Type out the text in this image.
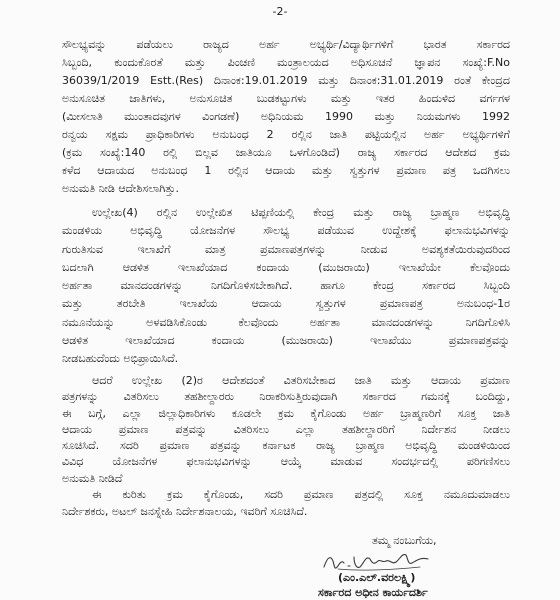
-2-
ಸೌಲಭ್ಯವನ್ನು ಪಡೆಯಲು ರಾಜ್ಯದ ಅರ್ಹ ಅಭ್ಯರ್ಥಿ/ವಿದ್ಯಾರ್ಥಿಗಳಿಗೆ ಭಾರತ ಸರ್ಕಾರದ
ಸಿಬ್ಬಂದಿ, ಕುಂದುಕೊರತೆ ಮತ್ತು ಪಿಂಚಣಿ ಮಂತ್ರಾಲಯದ ಅಧಿಸೂಚನೆ ಜ್ಞಾಪನ ಸಂಖ್ಯೆ:F.No
36039/1/2019 Estt.(Res) ದಿನಾಂಕ:19.01.2019 ಮತ್ತು ದಿನಾಂಕ:31.01.2019 ರಂತೆ ಕೇಂದ್ರದ
ಅನುಸೂಚಿತ ಜಾತಿಗಳು, ಅನುಸೂಚಿತ ಬುಡಕಟ್ಟುಗಳು ಮತ್ತು ಇತರ ಹಿಂದುಳಿದ ವರ್ಗಗಳ
(ಮೀಸಲಾತಿ ಮುಂತಾದವುಗಳ ವಿಂಗಡಣೆ) ಅಧಿನಿಯಮ 1990 ಮತ್ತು ನಿಯಮಗಳು 1992
ರನ್ವಯ ಸಕ್ಷಮ ಪ್ರಾಧಿಕಾರಿಗಳು ಅನುಬಂಧ 2 ರಲ್ಲಿನ ಜಾತಿ ಪಟ್ಟಿಯಲ್ಲಿನ ಅರ್ಹ ಅಭ್ಯರ್ಥಿಗಳಿಗೆ
(ಕ್ರಮ ಸಂಖ್ಯೆ:140 ರಲ್ಲಿ ಬಿಲ್ಲವ ಜಾತಿಯೂ ಒಳಗೊಂಡಿದೆ) ರಾಜ್ಯ ಸರ್ಕಾರದ ಆದೇಶದ ಕ್ರಮ
ಕಳೆದ ಆದಾಯದ ಅನುಬಂಧ 1 ರಲ್ಲಿನ ಆದಾಯ ಮತ್ತು ಸ್ವತ್ತುಗಳ ಪ್ರಮಾಣ ಪತ್ರ ಒದಗಿಸಲು
ಅನುಮತಿ ನೀಡಿ ಆದೇಶಿಸಲಾಗಿತ್ತು.
ಉಲ್ಲೇಖ(4) ರಲ್ಲಿನ ಉಲ್ಲೇಖಿತ ಟಿಪ್ಪಣಿಯಲ್ಲಿ ಕೇಂದ್ರ ಮತ್ತು ರಾಜ್ಯ ಬ್ರಾಹ್ಮಣ ಅಭಿವೃದ್ಧಿ
ಮಂಡಳಿಯ ಅಭಿವೃದ್ಧಿ ಯೋಜನೆಗಳ ಸೌಲಭ್ಯ ಪಡೆಯುವ ಉದ್ದೇಶಕ್ಕೆ ಫಲಾನುಭವಿಗಳನ್ನು
ಗುರುತಿಸುವ ಇಲಾಖೆಗೆ ಮಾತ್ರ ಪ್ರಮಾಣಪತ್ರಗಳನ್ನು ನೀಡುವ ಅವಶ್ಯಕತೆಯಿರುವುದರಿಂದ
ಬದಲಾಗಿ ಆಡಳಿತ ಇಲಾಖೆಯಾದ ಕಂದಾಯ (ಮುಜರಾಯಿ) ಇಲಾಖೆಯೇ ಕೆಲವೊಂದು
ಅರ್ಹತಾ ಮಾನದಂಡಗಳನ್ನು ನಿಗದಿಗೊಳಿಸಬೇಕಾಗಿದೆ. ಹಾಗೂ ಕೇಂದ್ರ ಸರ್ಕಾರದ ಸಿಬ್ಬಂದಿ
ಮತ್ತು ತರಬೇತಿ ಇಲಾಖೆಯ ಆದಾಯ ಸ್ವತ್ತುಗಳ ಪ್ರಮಾಣಪತ್ರ ಅನುಬಂಧ-1ರ
ನಮೂನೆಯನ್ನು ಅಳವಡಿಸಿಕೊಂಡು ಕೆಲವೊಂದು ಅರ್ಹತಾ ಮಾನದಂಡಗಳನ್ನು ನಿಗದಿಗೊಳಿಸಿ
ಆಡಳಿತ ಇಲಾಖೆಯಾದ ಕಂದಾಯ (ಮುಜರಾಯಿ) ಇಲಾಖೆಯು ಪ್ರಮಾಣಪತ್ರವನ್ನು
ನೀಡಬಹುದೆಂದು ಅಭಿಪ್ರಾಯಿಸಿದೆ.
ಆದರೆ ಉಲ್ಲೇಖ (2)ರ ಆದೇಶದಂತೆ ವಿತರಿಸಬೇಕಾದ ಜಾತಿ ಮತ್ತು ಆದಾಯ ಪ್ರಮಾಣ
ಪತ್ರಗಳನ್ನು ವಿತರಿಸಲು ತಹಶೀಲ್ದಾರರು ನಿರಾಕರಿಸುತ್ತಿರುವುದಾಗಿ ಸರ್ಕಾರದ ಗಮನಕ್ಕೆ ಬಂದಿದ್ದು,
ಈ ಬಗ್ಗೆ, ಎಲ್ಲಾ ಜಿಲ್ಲಾಧಿಕಾರಿಗಳು ಕೂಡಲೇ ಕ್ರಮ ಕೈಗೊಂಡು ಅರ್ಹ ಬ್ರಾಹ್ಮಣರಿಗೆ ಸೂಕ್ತ ಜಾತಿ
ಆದಾಯ ಪ್ರಮಾಣ ಪತ್ರವನ್ನು ವಿತರಿಸಲು ಎಲ್ಲಾ ತಹಶೀಲ್ದಾರರಿಗೆ ನಿರ್ದೇಶನ ನೀಡಲು
ಸೂಚಿಸಿದೆ. ಸದರಿ ಪ್ರಮಾಣ ಪತ್ರವನ್ನು ಕರ್ನಾಟಕ ರಾಜ್ಯ ಬ್ರಾಹ್ಮಣ ಅಭಿವೃದ್ಧಿ ಮಂಡಳಿಯಿಂದ
ವಿವಿಧ ಯೋಜನೆಗಳ ಫಲಾನುಭವಿಗಳನ್ನು ಆಯ್ಕೆ ಮಾಡುವ ಸಂದರ್ಭದಲ್ಲಿ ಪರಿಗಣಿಸಲು
ಅನುಮತಿ ನೀಡಿದೆ
ಈ ಕುರಿತು ಕ್ರಮ ಕೈಗೊಂಡು, ಸದರಿ ಪ್ರಮಾಣ ಪತ್ರದಲ್ಲಿ ಸೂಕ್ತ ನಮೂದುಮಾಡಲು
ನಿರ್ದೇಶಕರು, ಅಟಲ್ ಜನಸ್ನೇಹಿ ನಿರ್ದೇಶನಾಲಯ, ಇವರಿಗೆ ಸೂಚಿಸಿದೆ.
ತಮ್ಮ ನಂಬುಗೆಯ,
(ಎಂ.ಎಲ್.ವರಲಕ್ಷ್ಮಿ)
ಸರ್ಕಾರದ ಅಧೀನ ಕಾರ್ಯದರ್ಶಿ
